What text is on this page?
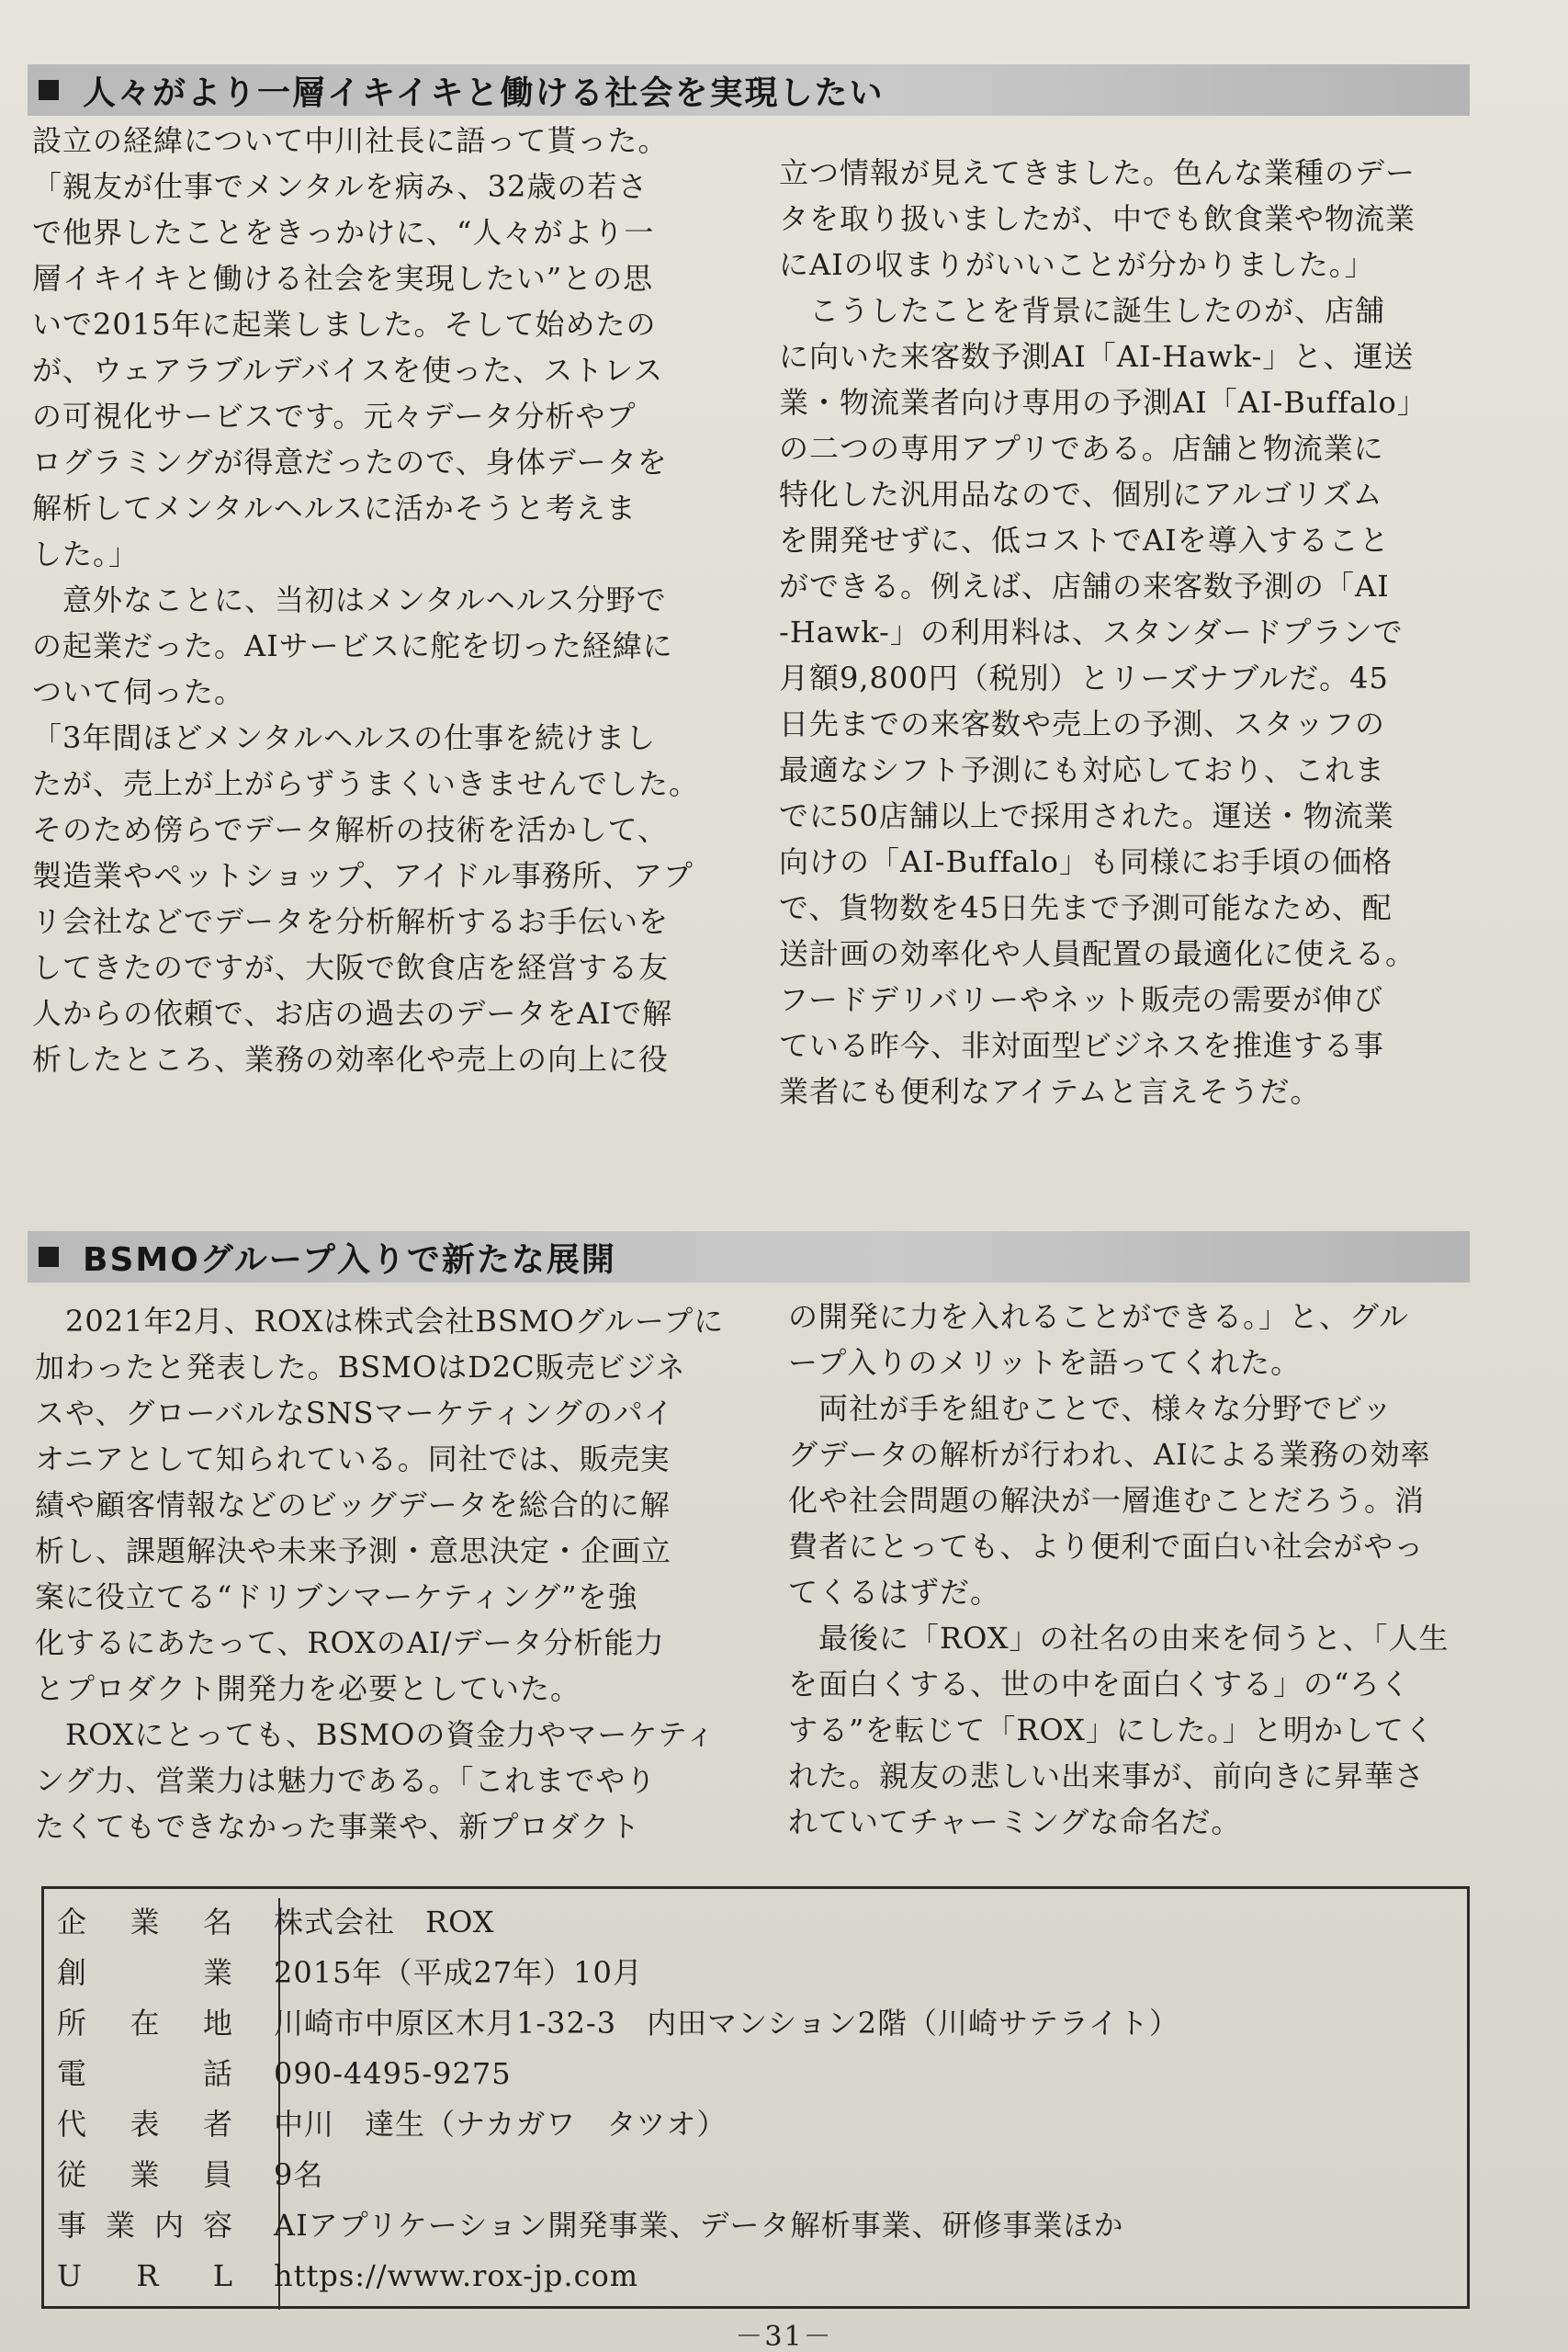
人々がより一層イキイキと働ける社会を実現したい

設立の経緯について中川社長に語って貰った。

「親友が仕事でメンタルを病み、32歳の若さ

で他界したことをきっかけに、“人々がより一

層イキイキと働ける社会を実現したい”との思

いで2015年に起業しました。そして始めたの

が、ウェアラブルデバイスを使った、ストレス

の可視化サービスです。元々データ分析やプ

ログラミングが得意だったので、身体データを

解析してメンタルヘルスに活かそうと考えま

した。」

　意外なことに、当初はメンタルヘルス分野で

の起業だった。AIサービスに舵を切った経緯に

ついて伺った。

「3年間ほどメンタルヘルスの仕事を続けまし

たが、売上が上がらずうまくいきませんでした。

そのため傍らでデータ解析の技術を活かして、

製造業やペットショップ、アイドル事務所、アプ

リ会社などでデータを分析解析するお手伝いを

してきたのですが、大阪で飲食店を経営する友

人からの依頼で、お店の過去のデータをAIで解

析したところ、業務の効率化や売上の向上に役

立つ情報が見えてきました。色んな業種のデー

タを取り扱いましたが、中でも飲食業や物流業

にAIの収まりがいいことが分かりました。」

　こうしたことを背景に誕生したのが、店舗

に向いた来客数予測AI「AI-Hawk-」と、運送

業・物流業者向け専用の予測AI「AI-Buffalo」

の二つの専用アプリである。店舗と物流業に

特化した汎用品なので、個別にアルゴリズム

を開発せずに、低コストでAIを導入すること

ができる。例えば、店舗の来客数予測の「AI

-Hawk-」の利用料は、スタンダードプランで

月額9,800円（税別）とリーズナブルだ。45

日先までの来客数や売上の予測、スタッフの

最適なシフト予測にも対応しており、これま

でに50店舗以上で採用された。運送・物流業

向けの「AI-Buffalo」も同様にお手頃の価格

で、貨物数を45日先まで予測可能なため、配

送計画の効率化や人員配置の最適化に使える。

フードデリバリーやネット販売の需要が伸び

ている昨今、非対面型ビジネスを推進する事

業者にも便利なアイテムと言えそうだ。

BSMOグループ入りで新たな展開

　2021年2月、ROXは株式会社BSMOグループに

加わったと発表した。BSMOはD2C販売ビジネ

スや、グローバルなSNSマーケティングのパイ

オニアとして知られている。同社では、販売実

績や顧客情報などのビッグデータを総合的に解

析し、課題解決や未来予測・意思決定・企画立

案に役立てる“ドリブンマーケティング”を強

化するにあたって、ROXのAI/データ分析能力

とプロダクト開発力を必要としていた。

　ROXにとっても、BSMOの資金力やマーケティ

ング力、営業力は魅力である。「これまでやり

たくてもできなかった事業や、新プロダクト

の開発に力を入れることができる。」と、グル

ープ入りのメリットを語ってくれた。

　両社が手を組むことで、様々な分野でビッ

グデータの解析が行われ、AIによる業務の効率

化や社会問題の解決が一層進むことだろう。消

費者にとっても、より便利で面白い社会がやっ

てくるはずだ。

　最後に「ROX」の社名の由来を伺うと、「人生

を面白くする、世の中を面白くする」の“ろく

する”を転じて「ROX」にした。」と明かしてく

れた。親友の悲しい出来事が、前向きに昇華さ

れていてチャーミングな命名だ。

企 業 名	株式会社　ROX
創	業	2015年（平成27年）10月
所 在 地	川崎市中原区木月1-32-3　内田マンション2階（川崎サテライト）
電	話	090-4495-9275
代 表 者	中川　達生（ナカガワ　タツオ）
従 業 員	9名
事 業 内 容	AIアプリケーション開発事業、データ解析事業、研修事業ほか
U R L	https://www.rox-jp.com
－31－
